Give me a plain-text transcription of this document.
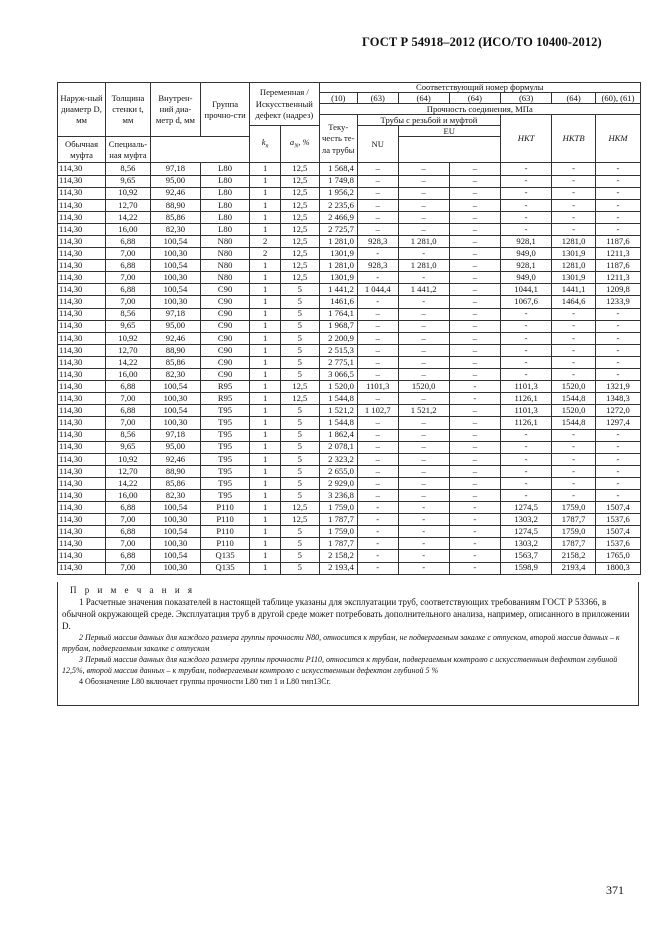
ГОСТ Р 54918–2012 (ИСО/ТО 10400-2012)
Наруж-ный диаметр D, мм	Толщина стенки t, мм	Внутрен-ний диа-метр d, мм	Группа прочно-сти	Переменная /Искусственный дефект (надрез)		Соответствующий номер формулы						
						(10)	(63)	(64)	(64)	(63)	(64)	(60), (61)
						Прочность соединения, МПа						
						Теку-честь те-ла трубы	Трубы с резьбой и муфтой			НКТ	НКТВ	НКМ
				$k_n$	$a_N$, %		NU	EU				
Обычная муфта	Специаль-ная муфта											
114,30	8,56	97,18	L80	1	12,5	1 568,4	–	–	–	-	-	-
114,30	9,65	95,00	L80	1	12,5	1 749,8	–	–	–	-	-	-
114,30	10,92	92,46	L80	1	12,5	1 956,2	–	–	–	-	-	-
114,30	12,70	88,90	L80	1	12,5	2 235,6	–	–	–	-	-	-
114,30	14,22	85,86	L80	1	12,5	2 466,9	–	–	–	-	-	-
114,30	16,00	82,30	L80	1	12,5	2 725,7	–	–	–	-	-	-
114,30	6,88	100,54	N80	2	12,5	1 281,0	928,3	1 281,0	–	928,1	1281,0	1187,6
114,30	7,00	100,30	N80	2	12,5	1301,9	-	-	–	949,0	1301,9	1211,3
114,30	6,88	100,54	N80	1	12,5	1 281,0	928,3	1 281,0	–	928,1	1281,0	1187,6
114,30	7,00	100,30	N80	1	12,5	1301,9	-	-	–	949,0	1301,9	1211,3
114,30	6,88	100,54	C90	1	5	1 441,2	1 044,4	1 441,2	–	1044,1	1441,1	1209,8
114,30	7,00	100,30	C90	1	5	1461,6	-	-	–	1067,6	1464,6	1233,9
114,30	8,56	97,18	C90	1	5	1 764,1	–	–	–	-	-	-
114,30	9,65	95,00	C90	1	5	1 968,7	–	–	–	-	-	-
114,30	10,92	92,46	C90	1	5	2 200,9	–	–	–	-	-	-
114,30	12,70	88,90	C90	1	5	2 515,3	–	–	–	-	-	-
114,30	14,22	85,86	C90	1	5	2 775,1	–	–	–	-	-	-
114,30	16,00	82,30	C90	1	5	3 066,5	–	–	–	-	-	-
114,30	6,88	100,54	R95	1	12,5	1 520,0	1101,3	1520,0	-	1101,3	1520,0	1321,9
114,30	7,00	100,30	R95	1	12,5	1 544,8	–	–	-	1126,1	1544,8	1348,3
114,30	6,88	100,54	T95	1	5	1 521,2	1 102,7	1 521,2	–	1101,3	1520,0	1272,0
114,30	7,00	100,30	T95	1	5	1 544,8	–	–	–	1126,1	1544,8	1297,4
114,30	8,56	97,18	T95	1	5	1 862,4	–	–	–	-	-	-
114,30	9,65	95,00	T95	1	5	2 078,1	–	–	–	-	-	-
114,30	10,92	92,46	T95	1	5	2 323,2	–	–	–	-	-	-
114,30	12,70	88,90	T95	1	5	2 655,0	–	–	–	-	-	-
114,30	14,22	85,86	T95	1	5	2 929,0	–	–	–	-	-	-
114,30	16,00	82,30	T95	1	5	3 236,8	–	–	–	-	-	-
114,30	6,88	100,54	P110	1	12,5	1 759,0	-	-	-	1274,5	1759,0	1507,4
114,30	7,00	100,30	P110	1	12,5	1 787,7	-	-	-	1303,2	1787,7	1537,6
114,30	6,88	100,54	P110	1	5	1 759,0	-	-	-	1274,5	1759,0	1507,4
114,30	7,00	100,30	P110	1	5	1 787,7	-	-	-	1303,2	1787,7	1537,6
114,30	6,88	100,54	Q135	1	5	2 158,2	-	-	-	1563,7	2158,2	1765,0
114,30	7,00	100,30	Q135	1	5	2 193,4	-	-	-	1598,9	2193,4	1800,3
П р и м е ч а н и я

1 Расчетные значения показателей в настоящей таблице указаны для эксплуатации труб, соответствующих требованиям ГОСТ Р 53366, в обычной окружающей среде. Эксплуатация труб в другой среде может потребовать дополнительного анализа, например, описанного в приложении D.

2 Первый массив данных для каждого размера группы прочности N80, относится к трубам, не подвергаемым закалке с отпуском, второй массив данных – к трубам, подвергаемым закалке с отпуском

3 Первый массив данных для каждого размера группы прочности P110, относится к трубам, подвергаемым контролю с искусственным дефектом глубиной 12,5%, второй массив данных – к трубам, подвергаемым контролю с искусственным дефектом глубиной 5 %

4 Обозначение L80 включает группы прочности L80 тип 1 и L80 тип13Cr.

371
